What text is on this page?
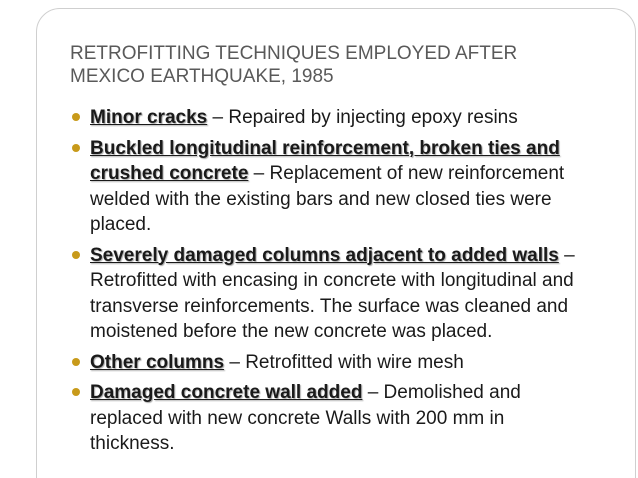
RETROFITTING TECHNIQUES EMPLOYED AFTER
MEXICO EARTHQUAKE, 1985
Minor cracks – Repaired by injecting epoxy resins
Buckled longitudinal reinforcement, broken ties and crushed concrete – Replacement of new reinforcement welded with the existing bars and new closed ties were placed.
Severely damaged columns adjacent to added walls – Retrofitted with encasing in concrete with longitudinal and transverse reinforcements. The surface was cleaned and moistened before the new concrete was placed.
Other columns – Retrofitted with wire mesh
Damaged concrete wall added – Demolished and replaced with new concrete Walls with 200 mm in thickness.
